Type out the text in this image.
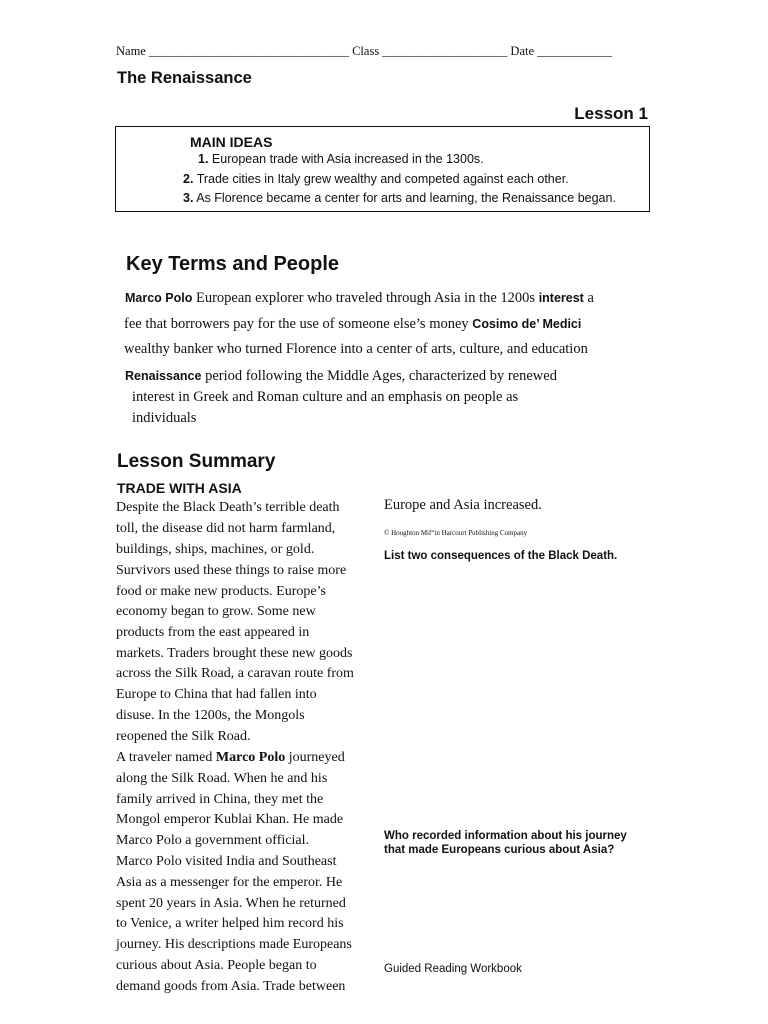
Name ________________________________ Class ____________________ Date ____________
The Renaissance
Lesson 1
MAIN IDEAS
1. European trade with Asia increased in the 1300s.
2. Trade cities in Italy grew wealthy and competed against each other.
3. As Florence became a center for arts and learning, the Renaissance began.
Key Terms and People
Marco Polo European explorer who traveled through Asia in the 1200s interest a
fee that borrowers pay for the use of someone else’s money Cosimo de’ Medici
wealthy banker who turned Florence into a center of arts, culture, and education
Renaissance period following the Middle Ages, characterized by renewed
interest in Greek and Roman culture and an emphasis on people as
individuals
Lesson Summary
TRADE WITH ASIA
Despite the Black Death’s terrible death
toll, the disease did not harm farmland,
buildings, ships, machines, or gold.
Survivors used these things to raise more
food or make new products. Europe’s
economy began to grow. Some new
products from the east appeared in
markets. Traders brought these new goods
across the Silk Road, a caravan route from
Europe to China that had fallen into
disuse. In the 1200s, the Mongols
reopened the Silk Road.
A traveler named Marco Polo journeyed
along the Silk Road. When he and his
family arrived in China, they met the
Mongol emperor Kublai Khan. He made
Marco Polo a government official.
Marco Polo visited India and Southeast
Asia as a messenger for the emperor. He
spent 20 years in Asia. When he returned
to Venice, a writer helped him record his
journey. His descriptions made Europeans
curious about Asia. People began to
demand goods from Asia. Trade between
Europe and Asia increased.
© Houghton Mif“in Harcourt Publishing Company
List two consequences of the Black Death.
Who recorded information about his journey that made Europeans curious about Asia?
Guided Reading Workbook
